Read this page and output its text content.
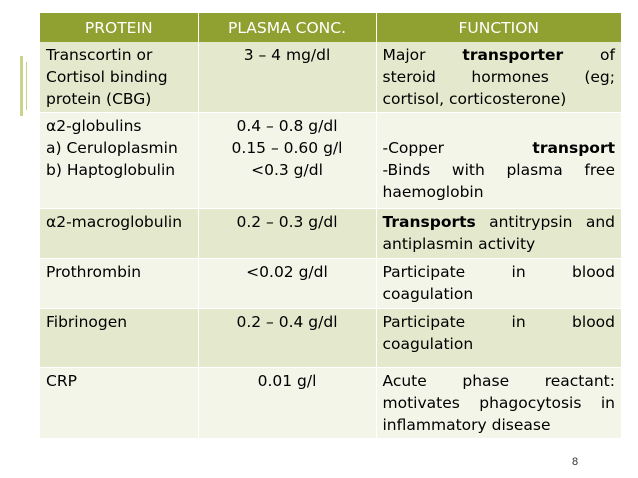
PROTEIN	PLASMA CONC.	FUNCTION

Transcortin or
Cortisol binding
protein (CBG)	3 – 4 mg/dl	Major transporter of
steroid hormones (eg;
cortisol, corticosterone)

α2-globulins
a) Ceruloplasmin
b) Haptoglobulin	0.4 – 0.8 g/dl
0.15 – 0.60 g/l
<0.3 g/dl	-Copper transport
-Binds with plasma free
haemoglobin

α2-macroglobulin	0.2 – 0.3 g/dl	Transports antitrypsin and
antiplasmin activity

Prothrombin	<0.02 g/dl	Participate in blood
coagulation

Fibrinogen	0.2 – 0.4 g/dl	Participate in blood
coagulation

CRP	0.01 g/l	Acute phase reactant:
motivates phagocytosis in
inflammatory disease
8
